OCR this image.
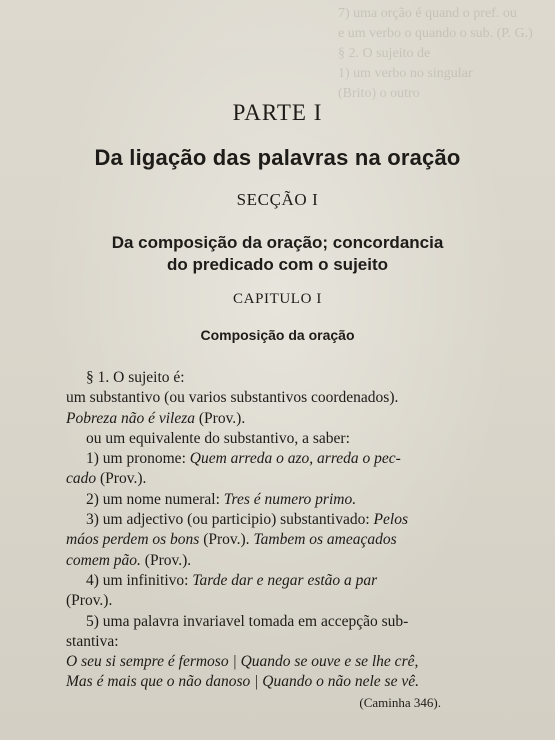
7) uma orção é quand o pref. ou
e um verbo o quando o sub. (P. G.)
§ 2. O sujeito de
1) um verbo no singular
(Brito) o outro
PARTE I
Da ligação das palavras na oração
SECÇÃO I
Da composição da oração; concordancia
do predicado com o sujeito
CAPITULO I
Composição da oração
§ 1. O sujeito é:
um substantivo (ou varios substantivos coordenados).
Pobreza não é vileza (Prov.).
ou um equivalente do substantivo, a saber:
1) um pronome: Quem arreda o azo, arreda o pec-
cado (Prov.).
2) um nome numeral: Tres é numero primo.
3) um adjectivo (ou participio) substantivado: Pelos
máos perdem os bons (Prov.). Tambem os ameaçados
comem pão. (Prov.).
4) um infinitivo: Tarde dar e negar estão a par
(Prov.).
5) uma palavra invariavel tomada em accepção sub-
stantiva:
O seu si sempre é fermoso | Quando se ouve e se lhe crê,
Mas é mais que o não danoso | Quando o não nele se vê.
(Caminha 346).
